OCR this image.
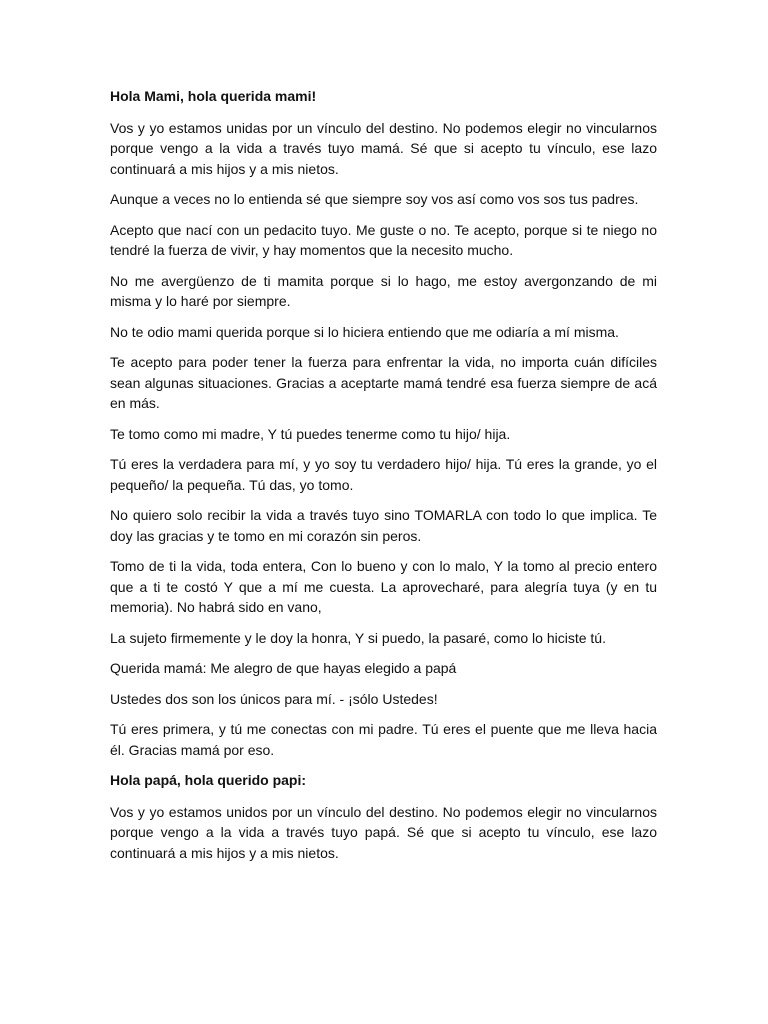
Hola Mami, hola querida mami!

Vos y yo estamos unidas por un vínculo del destino. No podemos elegir no vincularnos porque vengo a la vida a través tuyo mamá. Sé que si acepto tu vínculo, ese lazo continuará a mis hijos y a mis nietos.

Aunque a veces no lo entienda sé que siempre soy vos así como vos sos tus padres.

Acepto que nací con un pedacito tuyo. Me guste o no. Te acepto, porque si te niego no tendré la fuerza de vivir, y hay momentos que la necesito mucho.

No me avergüenzo de ti mamita porque si lo hago, me estoy avergonzando de mi misma y lo haré por siempre.

No te odio mami querida porque si lo hiciera entiendo que me odiaría a mí misma.

Te acepto para poder tener la fuerza para enfrentar la vida, no importa cuán difíciles sean algunas situaciones. Gracias a aceptarte mamá tendré esa fuerza siempre de acá en más.

Te tomo como mi madre, Y tú puedes tenerme como tu hijo/ hija.

Tú eres la verdadera para mí, y yo soy tu verdadero hijo/ hija. Tú eres la grande, yo el pequeño/ la pequeña. Tú das, yo tomo.

No quiero solo recibir la vida a través tuyo sino TOMARLA con todo lo que implica. Te doy las gracias y te tomo en mi corazón sin peros.

Tomo de ti la vida, toda entera, Con lo bueno y con lo malo, Y la tomo al precio entero que a ti te costó Y que a mí me cuesta. La aprovecharé, para alegría tuya (y en tu memoria). No habrá sido en vano,

La sujeto firmemente y le doy la honra, Y si puedo, la pasaré, como lo hiciste tú.

Querida mamá: Me alegro de que hayas elegido a papá

Ustedes dos son los únicos para mí. - ¡sólo Ustedes!

Tú eres primera, y tú me conectas con mi padre. Tú eres el puente que me lleva hacia él. Gracias mamá por eso.

Hola papá, hola querido papi:

Vos y yo estamos unidos por un vínculo del destino. No podemos elegir no vincularnos porque vengo a la vida a través tuyo papá. Sé que si acepto tu vínculo, ese lazo continuará a mis hijos y a mis nietos.
